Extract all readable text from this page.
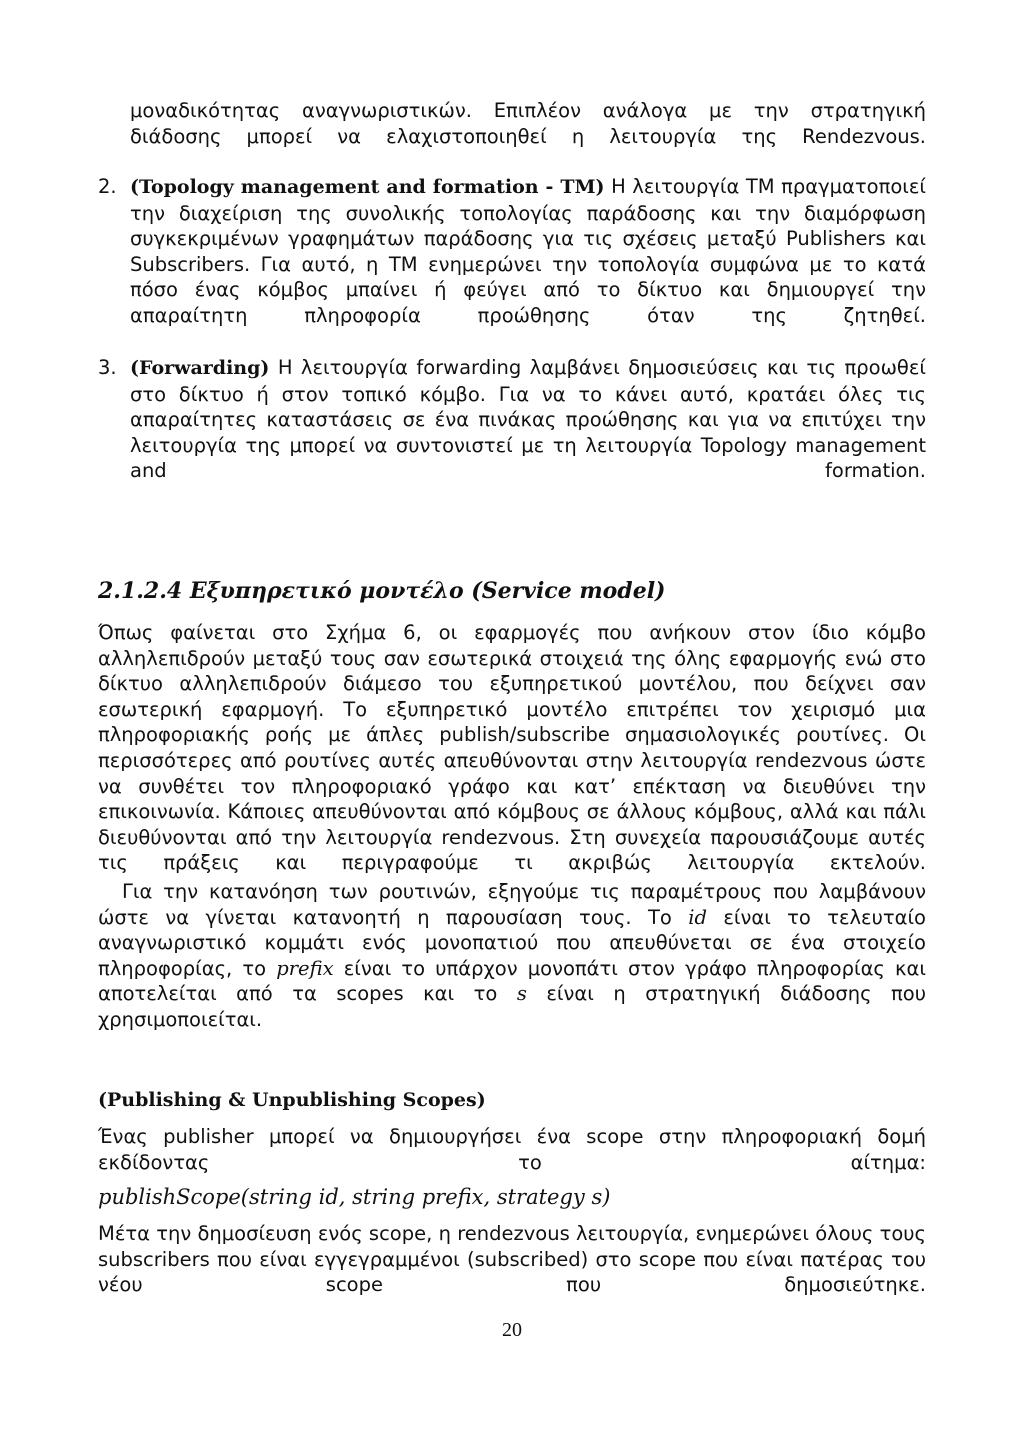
μοναδικότητας αναγνωριστικών. Επιπλέον ανάλογα με την στρατηγική διάδοσης μπορεί να ελαχιστοποιηθεί η λειτουργία της Rendezvous.

2. (Topology management and formation - TM) Η λειτουργία TM πραγματοποιεί την διαχείριση της συνολικής τοπολογίας παράδοσης και την διαμόρφωση συγκεκριμένων γραφημάτων παράδοσης για τις σχέσεις μεταξύ Publishers και Subscribers. Για αυτό, η TM ενημερώνει την τοπολογία συμφώνα με το κατά πόσο ένας κόμβος μπαίνει ή φεύγει από το δίκτυο και δημιουργεί την απαραίτητη πληροφορία προώθησης όταν της ζητηθεί.

3. (Forwarding) Η λειτουργία forwarding λαμβάνει δημοσιεύσεις και τις προωθεί στο δίκτυο ή στον τοπικό κόμβο. Για να το κάνει αυτό, κρατάει όλες τις απαραίτητες καταστάσεις σε ένα πινάκας προώθησης και για να επιτύχει την λειτουργία της μπορεί να συντονιστεί με τη λειτουργία Topology management and formation.

2.1.2.4 Εξυπηρετικό μοντέλο (Service model)

Όπως φαίνεται στο Σχήμα 6, οι εφαρμογές που ανήκουν στον ίδιο κόμβο αλληλεπιδρούν μεταξύ τους σαν εσωτερικά στοιχειά της όλης εφαρμογής ενώ στο δίκτυο αλληλεπιδρούν διάμεσο του εξυπηρετικού μοντέλου, που δείχνει σαν εσωτερική εφαρμογή. Το εξυπηρετικό μοντέλο επιτρέπει τον χειρισμό μια πληροφοριακής ροής με άπλες publish/subscribe σημασιολογικές ρουτίνες. Οι περισσότερες από ρουτίνες αυτές απευθύνονται στην λειτουργία rendezvous ώστε να συνθέτει τον πληροφοριακό γράφο και κατ’ επέκταση να διευθύνει την επικοινωνία. Κάποιες απευθύνονται από κόμβους σε άλλους κόμβους, αλλά και πάλι διευθύνονται από την λειτουργία rendezvous. Στη συνεχεία παρουσιάζουμε αυτές τις πράξεις και περιγραφούμε τι ακριβώς λειτουργία εκτελούν.

Για την κατανόηση των ρουτινών, εξηγούμε τις παραμέτρους που λαμβάνουν ώστε να γίνεται κατανοητή η παρουσίαση τους. Το id είναι το τελευταίο αναγνωριστικό κομμάτι ενός μονοπατιού που απευθύνεται σε ένα στοιχείο πληροφορίας, το prefix είναι το υπάρχον μονοπάτι στον γράφο πληροφορίας και αποτελείται από τα scopes και το s είναι η στρατηγική διάδοσης που χρησιμοποιείται.

(Publishing & Unpublishing Scopes)

Ένας publisher μπορεί να δημιουργήσει ένα scope στην πληροφοριακή δομή εκδίδοντας το αίτημα:

publishScope(string id, string prefix, strategy s)

Μέτα την δημοσίευση ενός scope, η rendezvous λειτουργία, ενημερώνει όλους τους subscribers που είναι εγγεγραμμένοι (subscribed) στο scope που είναι πατέρας του νέου scope που δημοσιεύτηκε.

20
